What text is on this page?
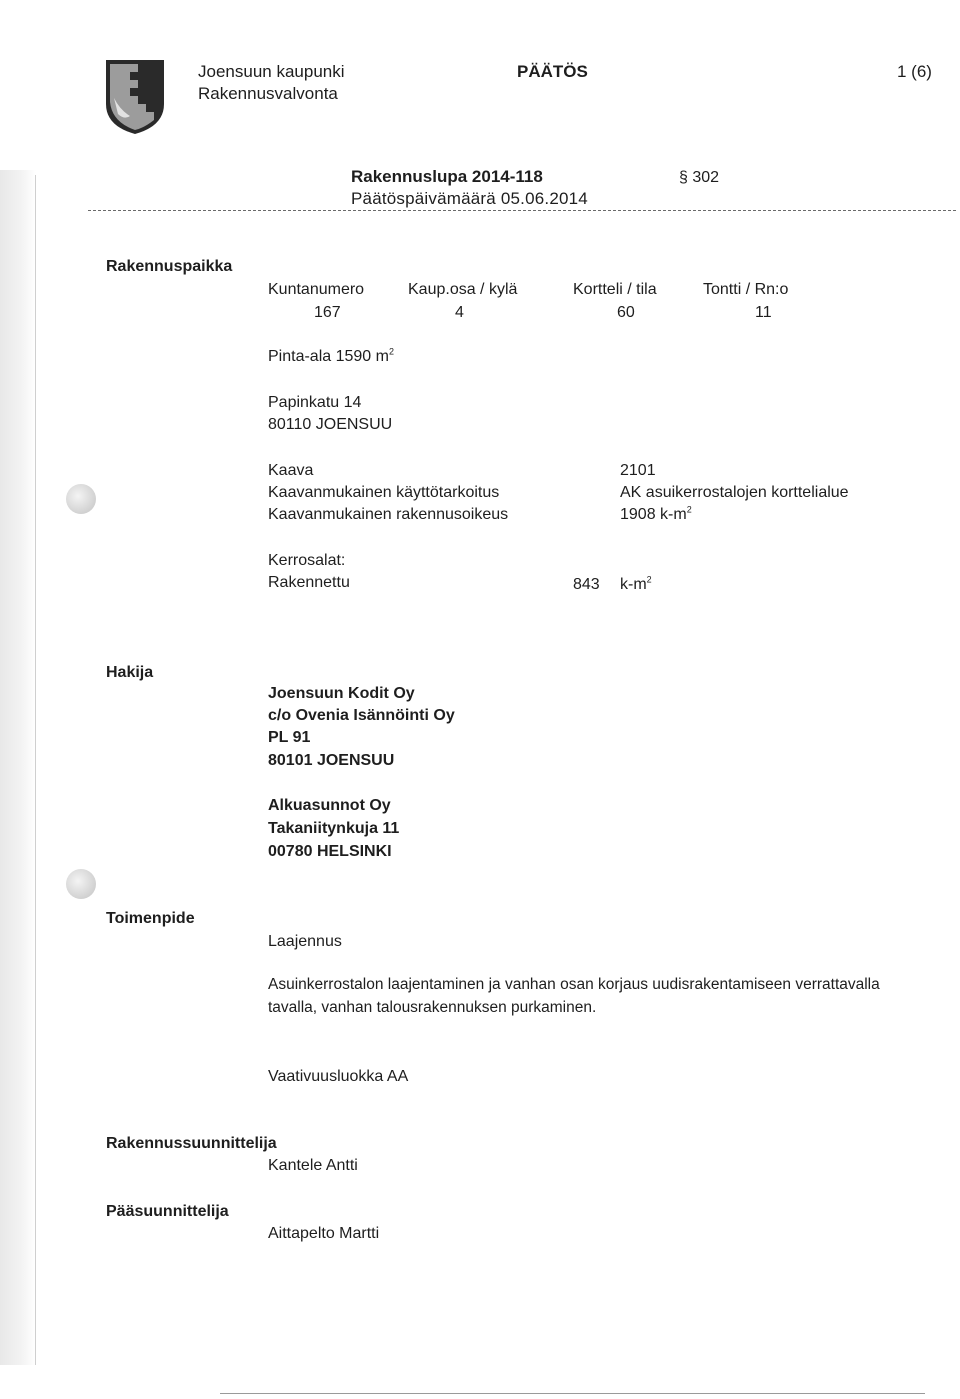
Joensuun kaupunki
Rakennusvalvonta
PÄÄTÖS	1 (6)
Rakennuslupa 2014-118
Päätöspäivämäärä 05.06.2014
§ 302
Rakennuspaikka
Kuntanumero	Kaup.osa / kylä	Kortteli / tila	Tontti / Rn:o
167	4	60	11
Pinta-ala 1590 $m^2$
Papinkatu 14
80110 JOENSUU
Kaava	2101
Kaavanmukainen käyttötarkoitus	AK asuikerrostalojen korttelialue
Kaavanmukainen rakennusoikeus	1908 $k-m^2$
Kerrosalat:
Rakennettu	843 $k-m^2$
Hakija
Joensuun Kodit Oy
c/o Ovenia Isännöinti Oy
PL 91
80101 JOENSUU
Alkuasunnot Oy
Takaniitynkuja 11
00780 HELSINKI
Toimenpide
Laajennus
Asuinkerrostalon laajentaminen ja vanhan osan korjaus uudisrakentamiseen verrattavalla
tavalla, vanhan talousrakennuksen purkaminen.
Vaativuusluokka AA
Rakennussuunnittelija
Kantele Antti
Pääsuunnittelija
Aittapelto Martti
